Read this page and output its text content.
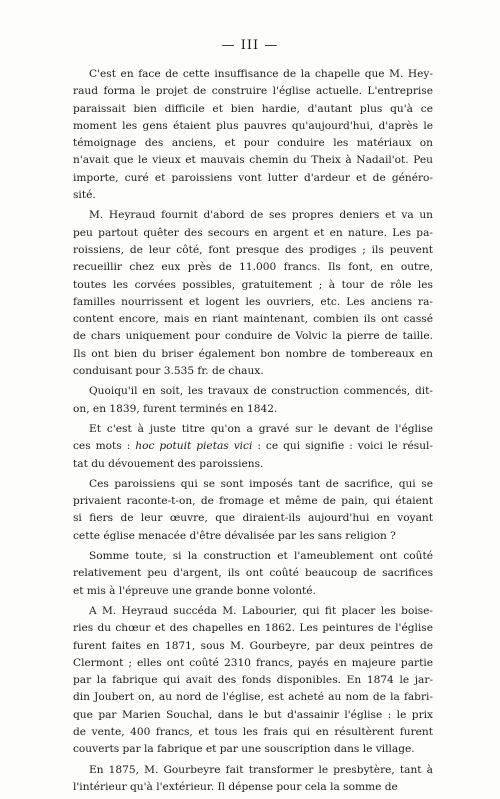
— III —
C'est en face de cette insuffisance de la chapelle que M. Hey-
raud forma le projet de construire l'église actuelle. L'entreprise
paraissait bien difficile et bien hardie, d'autant plus qu'à ce
moment les gens étaient plus pauvres qu'aujourd'hui, d'après le
témoignage des anciens, et pour conduire les matériaux on
n'avait que le vieux et mauvais chemin du Theix à Nadail'ot. Peu
importe, curé et paroissiens vont lutter d'ardeur et de généro-
sité.
M. Heyraud fournit d'abord de ses propres deniers et va un
peu partout quêter des secours en argent et en nature. Les pa-
roissiens, de leur côté, font presque des prodiges ; ils peuvent
recueillir chez eux près de 11.000 francs. Ils font, en outre,
toutes les corvées possibles, gratuitement ; à tour de rôle les
familles nourrissent et logent les ouvriers, etc. Les anciens ra-
content encore, mais en riant maintenant, combien ils ont cassé
de chars uniquement pour conduire de Volvic la pierre de taille.
Ils ont bien du briser également bon nombre de tombereaux en
conduisant pour 3.535 fr. de chaux.
Quoiqu'il en soit, les travaux de construction commencés, dit-
on, en 1839, furent terminés en 1842.
Et c'est à juste titre qu'on a gravé sur le devant de l'église
ces mots : hoc potuit pietas vici : ce qui signifie : voici le résul-
tat du dévouement des paroissiens.
Ces paroissiens qui se sont imposés tant de sacrifice, qui se
privaient raconte-t-on, de fromage et même de pain, qui étaient
si fiers de leur œuvre, que diraient-ils aujourd'hui en voyant
cette église menacée d'être dévalisée par les sans religion ?
Somme toute, si la construction et l'ameublement ont coûté
relativement peu d'argent, ils ont coûté beaucoup de sacrifices
et mis à l'épreuve une grande bonne volonté.
A M. Heyraud succéda M. Labourier, qui fit placer les boise-
ries du chœur et des chapelles en 1862. Les peintures de l'église
furent faites en 1871, sous M. Gourbeyre, par deux peintres de
Clermont ; elles ont coûté 2310 francs, payés en majeure partie
par la fabrique qui avait des fonds disponibles. En 1874 le jar-
din Joubert on, au nord de l'église, est acheté au nom de la fabri-
que par Marien Souchal, dans le but d'assainir l'église : le prix
de vente, 400 francs, et tous les frais qui en résultèrent furent
couverts par la fabrique et par une souscription dans le village.
En 1875, M. Gourbeyre fait transformer le presbytère, tant à
l'intérieur qu'à l'extérieur. Il dépense pour cela la somme de
